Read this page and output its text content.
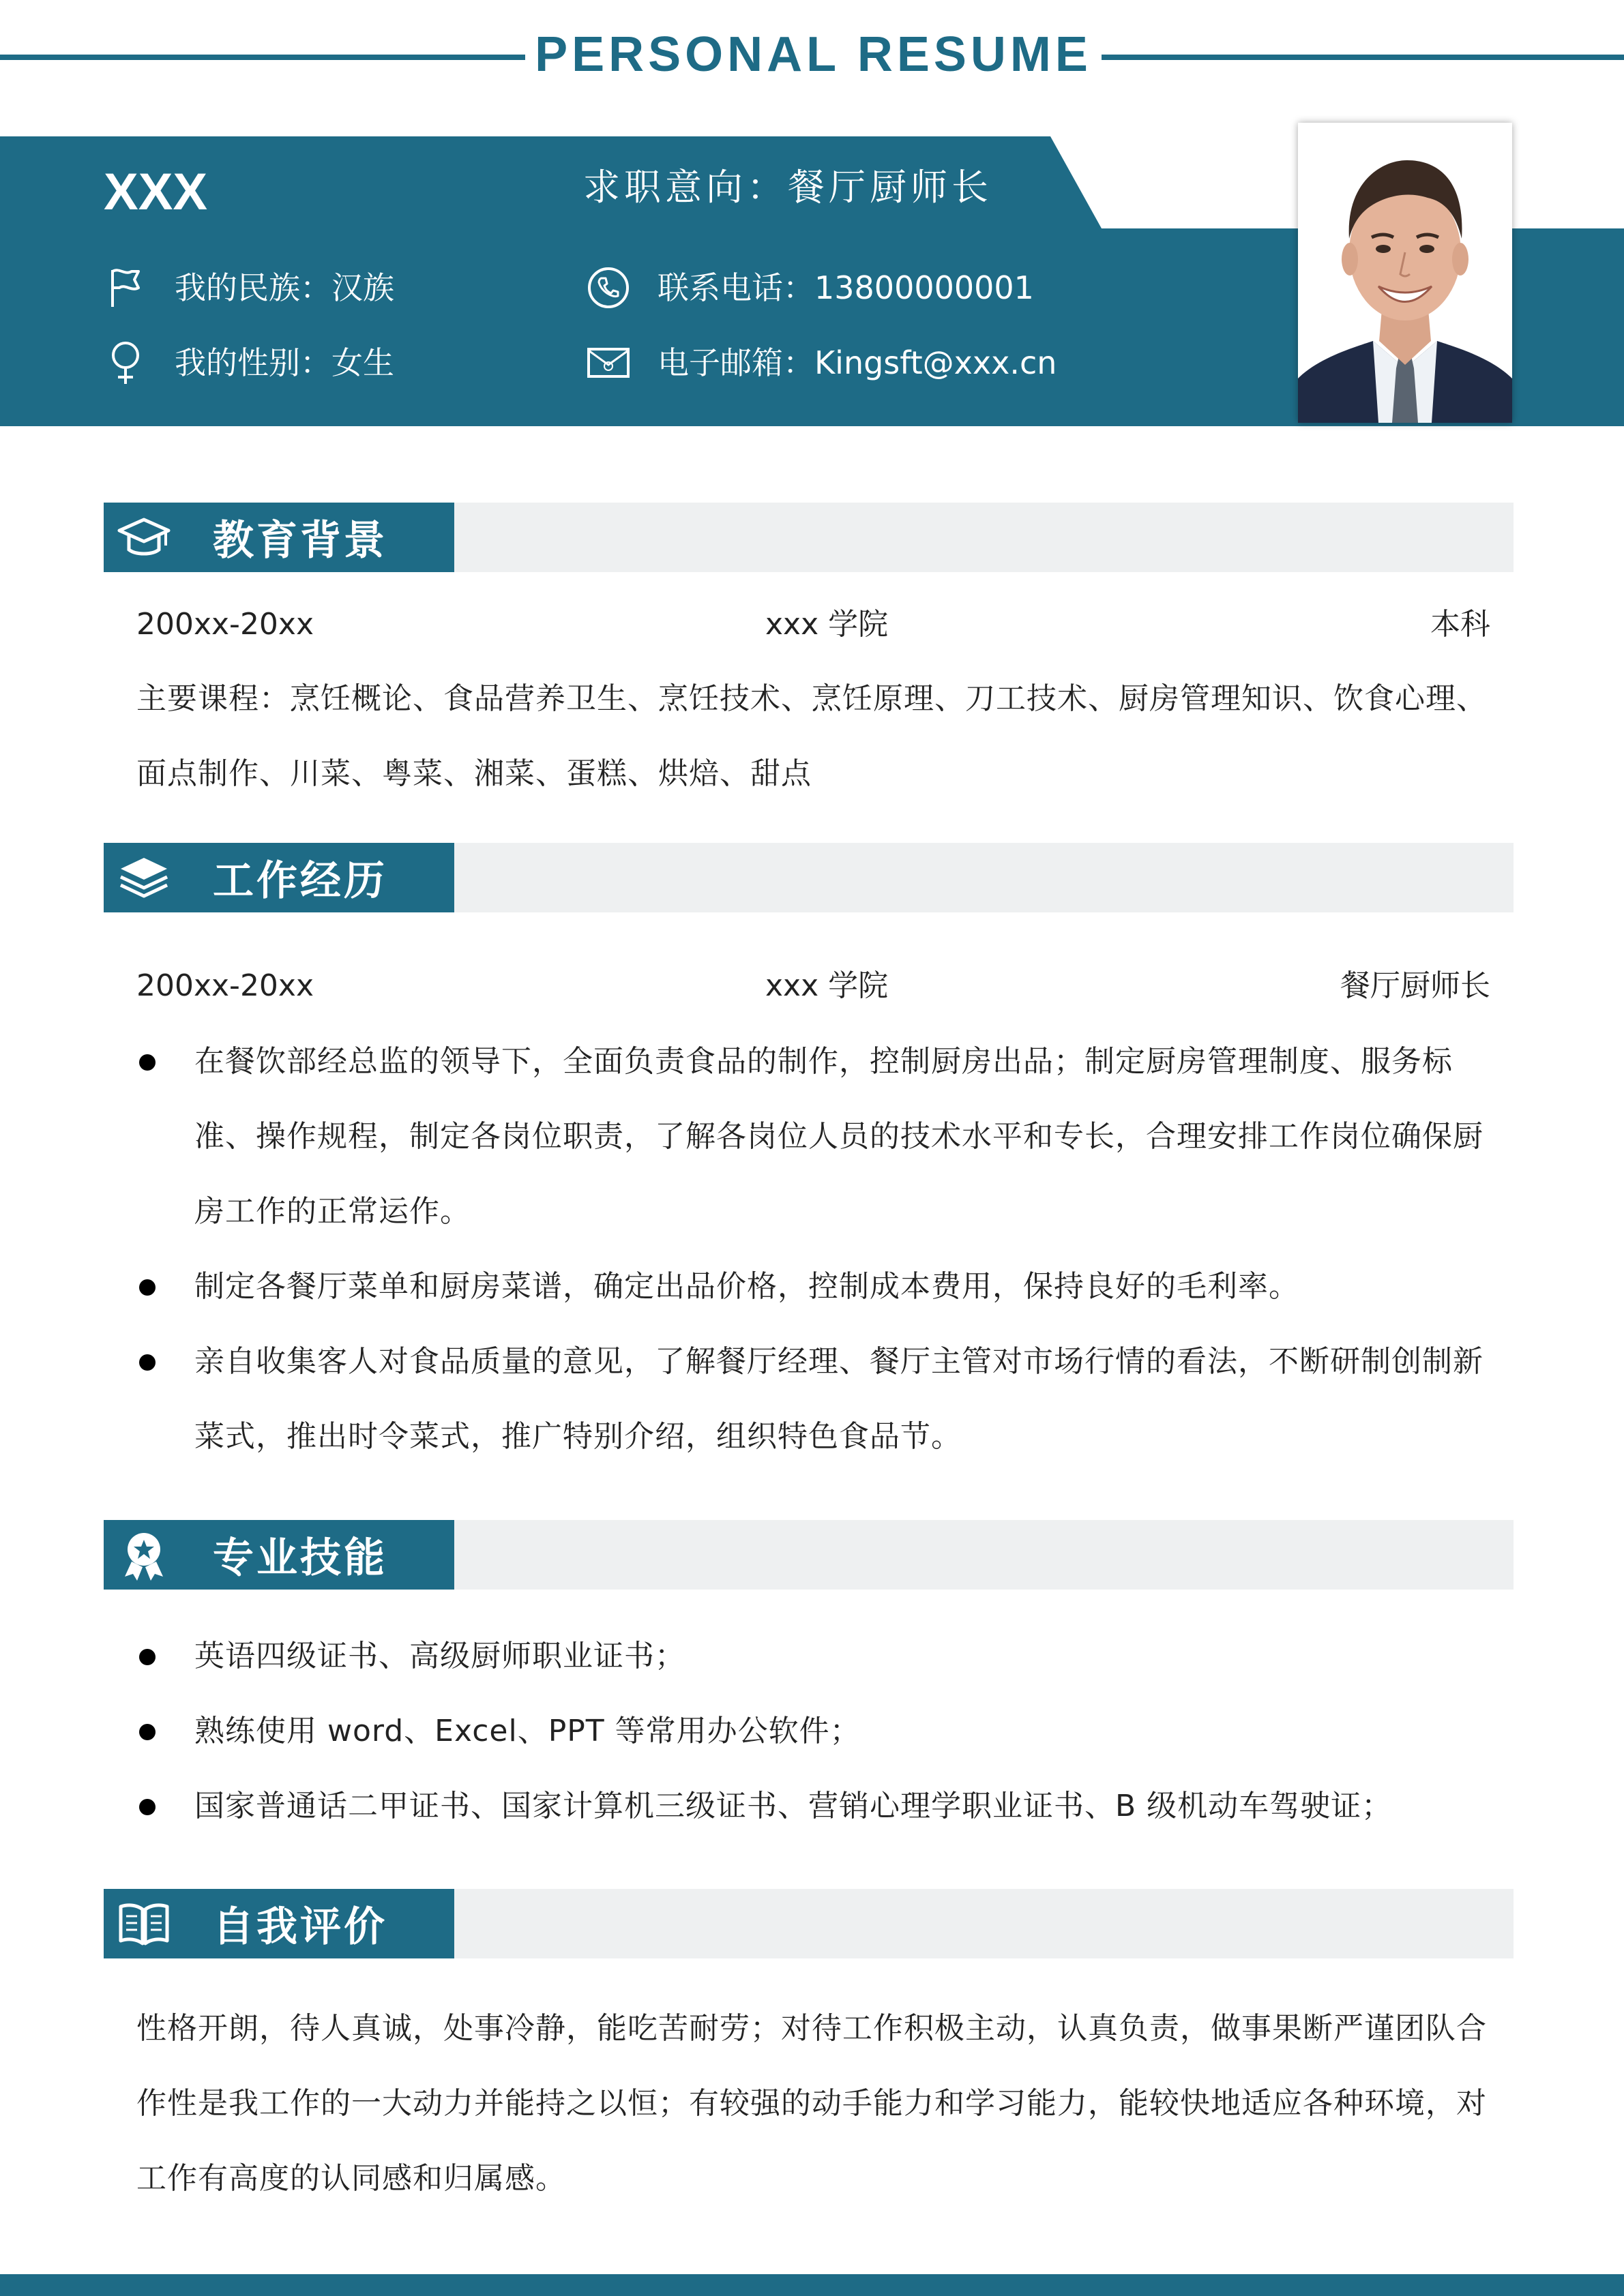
PERSONAL RESUME
XXX	求职意向：餐厅厨师长
我的民族：汉族
我的性别：女生
联系电话：13800000001
电子邮箱：Kingsft@xxx.cn
教育背景
200xx-20xx	xxx 学院	本科
主要课程：烹饪概论、食品营养卫生、烹饪技术、烹饪原理、刀工技术、厨房管理知识、饮食心理、面点制作、川菜、粤菜、湘菜、蛋糕、烘焙、甜点
工作经历
200xx-20xx	xxx 学院	餐厅厨师长
在餐饮部经总监的领导下，全面负责食品的制作，控制厨房出品；制定厨房管理制度、服务标准、操作规程，制定各岗位职责，了解各岗位人员的技术水平和专长，合理安排工作岗位确保厨房工作的正常运作。
制定各餐厅菜单和厨房菜谱，确定出品价格，控制成本费用，保持良好的毛利率。
亲自收集客人对食品质量的意见，了解餐厅经理、餐厅主管对市场行情的看法，不断研制创制新菜式，推出时令菜式，推广特别介绍，组织特色食品节。
专业技能
英语四级证书、高级厨师职业证书；
熟练使用 word、Excel、PPT 等常用办公软件；
国家普通话二甲证书、国家计算机三级证书、营销心理学职业证书、B 级机动车驾驶证；
自我评价
性格开朗，待人真诚，处事冷静，能吃苦耐劳；对待工作积极主动，认真负责，做事果断严谨团队合作性是我工作的一大动力并能持之以恒；有较强的动手能力和学习能力，能较快地适应各种环境，对工作有高度的认同感和归属感。
